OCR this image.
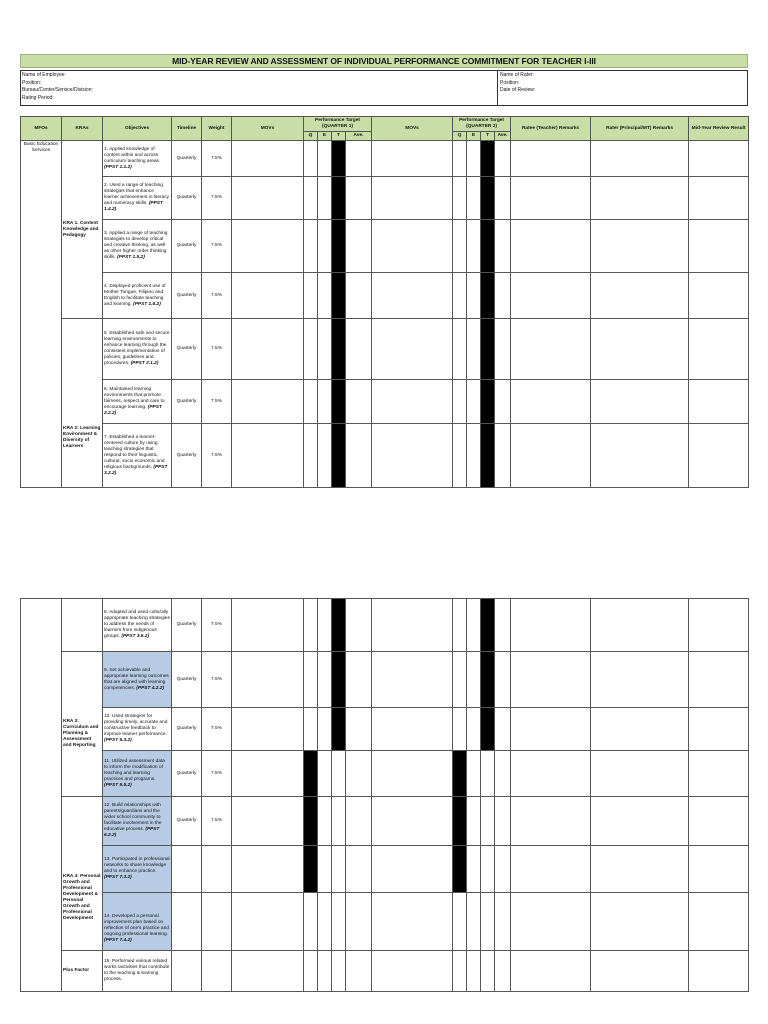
MID-YEAR REVIEW AND ASSESSMENT OF INDIVIDUAL PERFORMANCE COMMITMENT FOR TEACHER I-III
Name of Employee:
Position:
Bureau/Center/Service/Division:
Rating Period:
Name of Rater:
Position:
Date of Review:
MFOs	KRAs	Objectives	Timeline	Weight	MOVs	Performance Target (QUARTER 1)				MOVs	Performance Target (QUARTER 2)				Ratee (Teacher) Remarks	Rater (Principal/MT) Remarks	Mid-Year Review Result
						Q	E	T	Ave.		Q	E	T	Ave.			
Basic Education Services	KRA 1. Content Knowledge and Pedagogy	1. Applied knowledge of content within and across curriculum teaching areas. (PPST 1.1.2)	Quarterly	7.5%													
		2. Used a range of teaching strategies that enhance learner achievement in literacy and numeracy skills. (PPST 1.4.2)	Quarterly	7.5%													
		3. Applied a range of teaching strategies to develop critical and creative thinking, as well as other higher order thinking skills. (PPST 1.5.2)	Quarterly	7.5%													
		4. Displayed proficient use of Mother Tongue, Filipino and English to facilitate teaching and learning. (PPST 1.6.2)	Quarterly	7.5%													

	KRA 2: Learning Environment & Diversity of Learners	5. Established safe and secure learning environments to enhance learning through the consistent implementation of policies, guidelines and procedures. (PPST 2.1.2)	Quarterly	7.5%													
		6. Maintained learning environments that promote fairness, respect and care to encourage learning. (PPST 2.2.2)	Quarterly	7.5%													
		7. Established a learner-centered culture by using teaching strategies that respond to their linguistic, cultural, socio economic and religious backgrounds. (PPST 3.2.2)	Quarterly	7.5%													
		8. Adapted and used culturally appropriate teaching strategies to address the needs of learners from indigenous groups. (PPST 3.5.2)	Quarterly	7.5%													

	KRA 3: Curriculum and Planning & Assessment and Reporting	9. Set achievable and appropriate learning outcomes that are aligned with learning competencies. (PPST 4.2.2)	Quarterly	7.5%													
		10. Used strategies for providing timely, accurate and constructive feedback to improve learner performance. (PPST 5.3.2)	Quarterly	7.5%													
		11. Utilized assessment data to inform the modification of teaching and learning practices and programs. (PPST 5.5.2)	Quarterly	7.5%													

	KRA 4: Personal Growth and Professional Development & Personal Growth and Professional Development	12. Build relationships with parents/guardians and the wider school community to facilitate involvement in the educative process. (PPST 6.2.2)	Quarterly	7.5%													
		13. Participated in professional networks to share knowledge and to enhance practice. (PPST 7.3.2)															

		14. Developed a personal improvement plan based on reflection of one's practice and ongoing professional learning. (PPST 7.4.2)															

	Plus Factor	15. Performed various related works /activities that contribute to the teaching & learning process.															
